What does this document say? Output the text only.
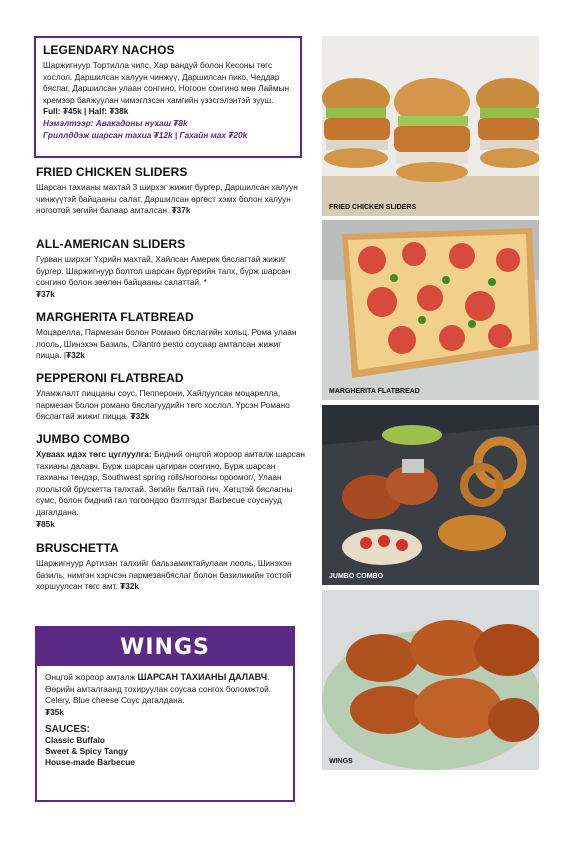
LEGENDARY NACHOS
Шаржигнуур Тортилла чипс, Хар вандуй болон Кесоны төгс хослол. Даршилсан халуун чинжүү, Даршилсан пико, Чеддар бяслаг, Даршилсан улаан сонгино, Ногоон сонгино мөн Лаймын кремээр баяжуулан чимэглэсэн хамгийн үзэсгэлэнтэй зууш.
Full: ₮45k | Half: ₮38k
Нэмэлтээр: Авакадоны нухаш ₮8k
Гриллддэж шарсан тахиа ₮12k | Гахайн мах ₮20k
FRIED CHICKEN SLIDERS
Шарсан тахианы махтай 3 ширхэг жижиг бургер, Даршилсан халуун чинжүүтэй байцааны салат, Даршилсан өргөст хэмх болон халуун ногоотой зөгийн балаар амталсан. ₮37k
ALL-AMERICAN SLIDERS
Гурван ширхэг Үхрийн махтай, Хайлсан Америк бяслагтай жижиг бургер. Шаржигнуур болтол шарсан бургерийн талх, бүрж шарсан сонгино болон зөөлөн байцааны салаттай. *
₮37k
MARGHERITA FLATBREAD
Моцарелла, Пармезан болон Романо бяслагийн хольц. Рома улаан лооль, Шинэхэн Базиль, Cilantro pesto соусаар амталсан жижиг пицца. |₮32k
PEPPERONI FLATBREAD
Уламжлалт пиццаны соус, Пепперони, Хайлуулсан моцарелла, пармезан болон романо бяслагуудийн төгс хослол. Үрсэн Романо бяслагтай жижиг пицца. ₮32k
JUMBO COMBO
Хуваах идэх төгс цуглуулга: Бидний онцгой жороор амталж шарсан тахианы далавч, Бүрж шарсан цагиран сонгино, Бүрж шарсан тахианы тендэр, Southwest spring rolls/ногооны ороомог/, Улаан лоольтой брускетта талхтай. Зөгийн балтай гич, Хөгцтэй бяслагны сумс, болон бидний гал тогоондоо бэлтгэдэг Barbecue соуснууд дагалдана.
₮85k
BRUSCHETTA
Шаржигнуур Артизан талхийг бальзамиктайулаан лооль, Шинэхэн базиль, нимгэн хэрчсэн пармезанбяслаг болон базиликийн тостой хоршуулсан төгс амт. ₮32k
WINGS
Онцгой жороор амталж ШАРСАН ТАХИАНЫ ДАЛАВЧ. Өөрийн амталгаанд тохируулан соусаа сонгох боломжтой. Celery, Blue cheese Соус дагалдана.
₮35k
SAUCES:
Classic Buffalo
Sweet & Spicy Tangy
House-made Barbecue
FRIED CHICKEN SLIDERS
MARGHERITA FLATBREAD
JUMBO COMBO
WINGS
